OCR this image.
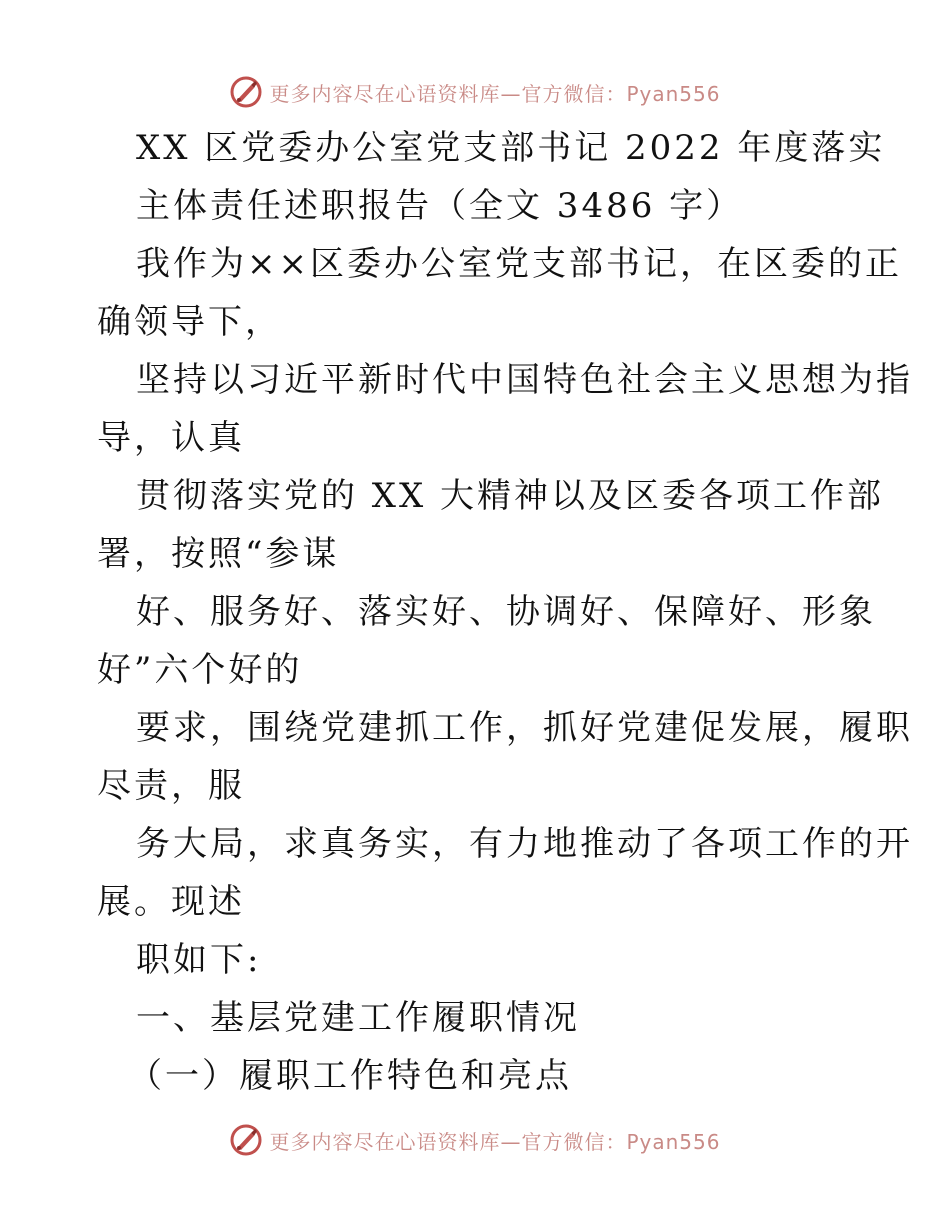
更多内容尽在心语资料库—官方微信：Pyan556
XX 区党委办公室党支部书记 2022 年度落实
主体责任述职报告（全文 3486 字）
我作为××区委办公室党支部书记，在区委的正
确领导下，
坚持以习近平新时代中国特色社会主义思想为指
导，认真
贯彻落实党的 XX 大精神以及区委各项工作部
署，按照“参谋
好、服务好、落实好、协调好、保障好、形象
好”六个好的
要求，围绕党建抓工作，抓好党建促发展，履职
尽责，服
务大局，求真务实，有力地推动了各项工作的开
展。现述
职如下:
一、基层党建工作履职情况
（一）履职工作特色和亮点
更多内容尽在心语资料库—官方微信：Pyan556
